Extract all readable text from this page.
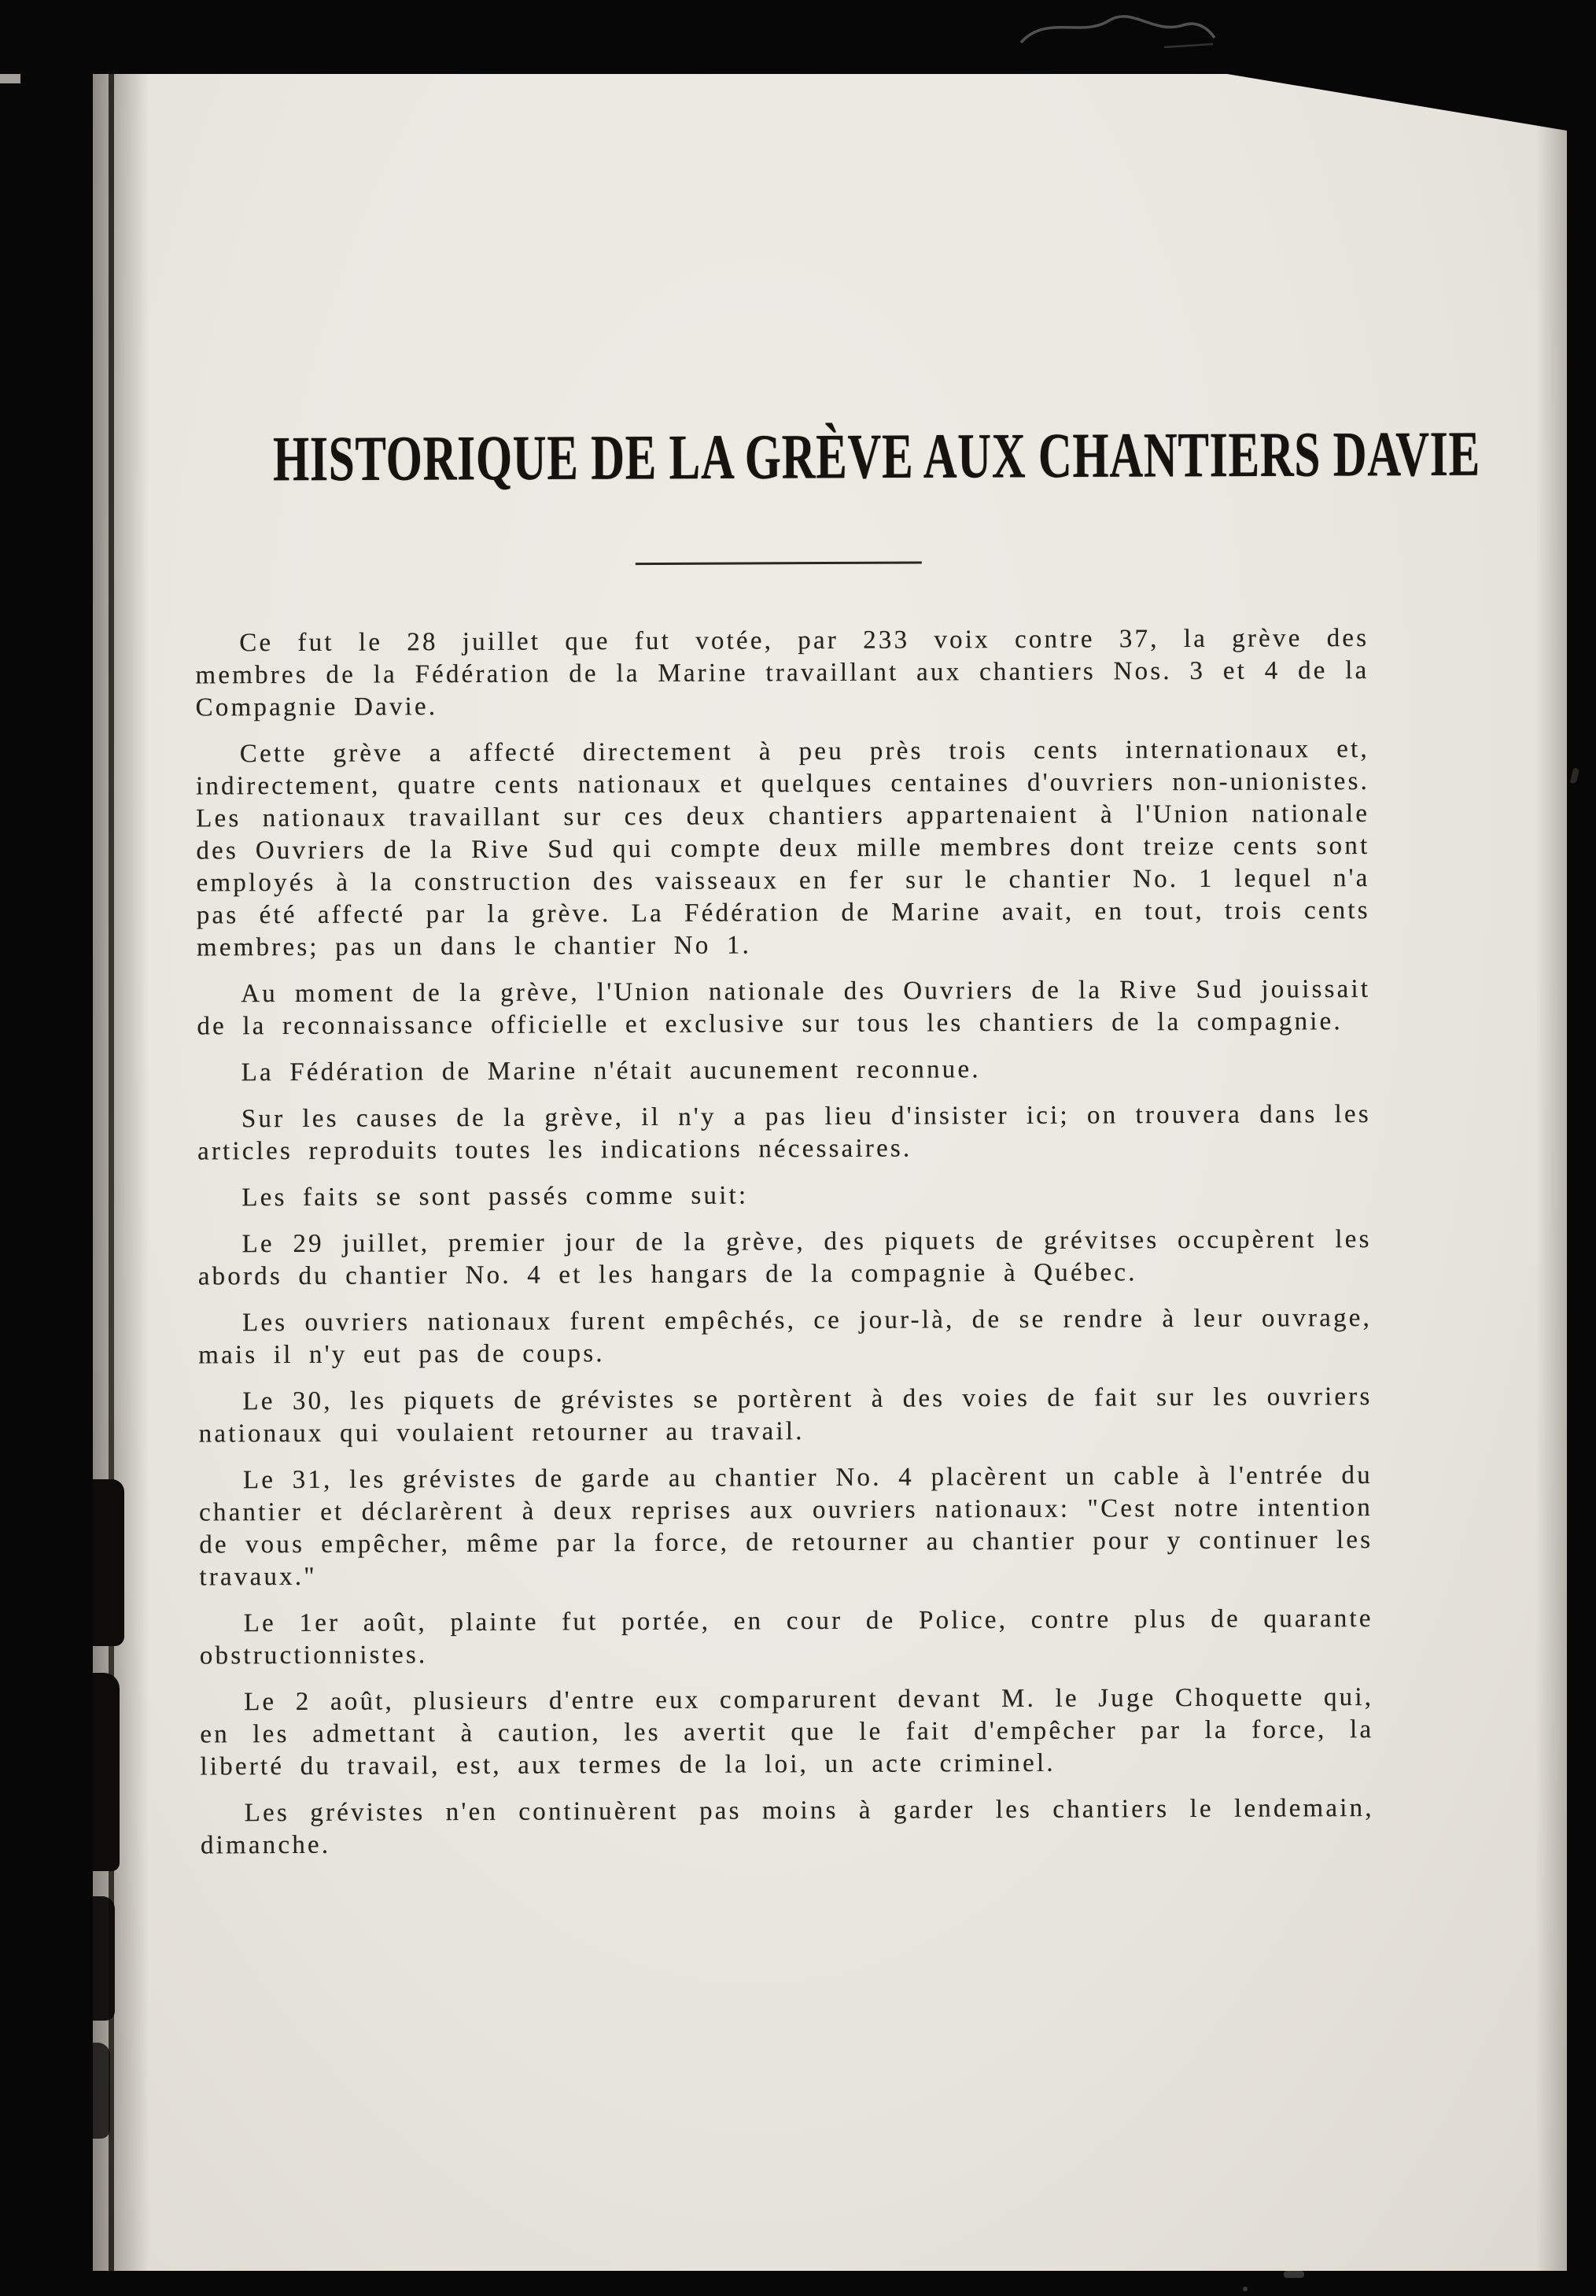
HISTORIQUE DE LA GRÈVE AUX CHANTIERS DAVIE

Ce fut le 28 juillet que fut votée, par 233 voix contre 37, la grève des membres de la Fédération de la Marine travaillant aux chantiers Nos. 3 et 4 de la Compagnie Davie.

Cette grève a affecté directement à peu près trois cents internationaux et, indirectement, quatre cents nationaux et quelques centaines d'ouvriers non-unionistes. Les nationaux travaillant sur ces deux chantiers appartenaient à l'Union nationale des Ouvriers de la Rive Sud qui compte deux mille membres dont treize cents sont employés à la construction des vaisseaux en fer sur le chantier No. 1 lequel n'a pas été affecté par la grève. La Fédération de Marine avait, en tout, trois cents membres; pas un dans le chantier No 1.

Au moment de la grève, l'Union nationale des Ouvriers de la Rive Sud jouissait de la reconnaissance officielle et exclusive sur tous les chantiers de la compagnie.

La Fédération de Marine n'était aucunement reconnue.

Sur les causes de la grève, il n'y a pas lieu d'insister ici; on trouvera dans les articles reproduits toutes les indications nécessaires.

Les faits se sont passés comme suit:

Le 29 juillet, premier jour de la grève, des piquets de grévitses occupèrent les abords du chantier No. 4 et les hangars de la compagnie à Québec.

Les ouvriers nationaux furent empêchés, ce jour-là, de se rendre à leur ouvrage, mais il n'y eut pas de coups.

Le 30, les piquets de grévistes se portèrent à des voies de fait sur les ouvriers nationaux qui voulaient retourner au travail.

Le 31, les grévistes de garde au chantier No. 4 placèrent un cable à l'entrée du chantier et déclarèrent à deux reprises aux ouvriers nationaux: "Cest notre intention de vous empêcher, même par la force, de retourner au chantier pour y continuer les travaux."

Le 1er août, plainte fut portée, en cour de Police, contre plus de quarante obstructionnistes.

Le 2 août, plusieurs d'entre eux comparurent devant M. le Juge Choquette qui, en les admettant à caution, les avertit que le fait d'empêcher par la force, la liberté du travail, est, aux termes de la loi, un acte criminel.

Les grévistes n'en continuèrent pas moins à garder les chantiers le lendemain, dimanche.
